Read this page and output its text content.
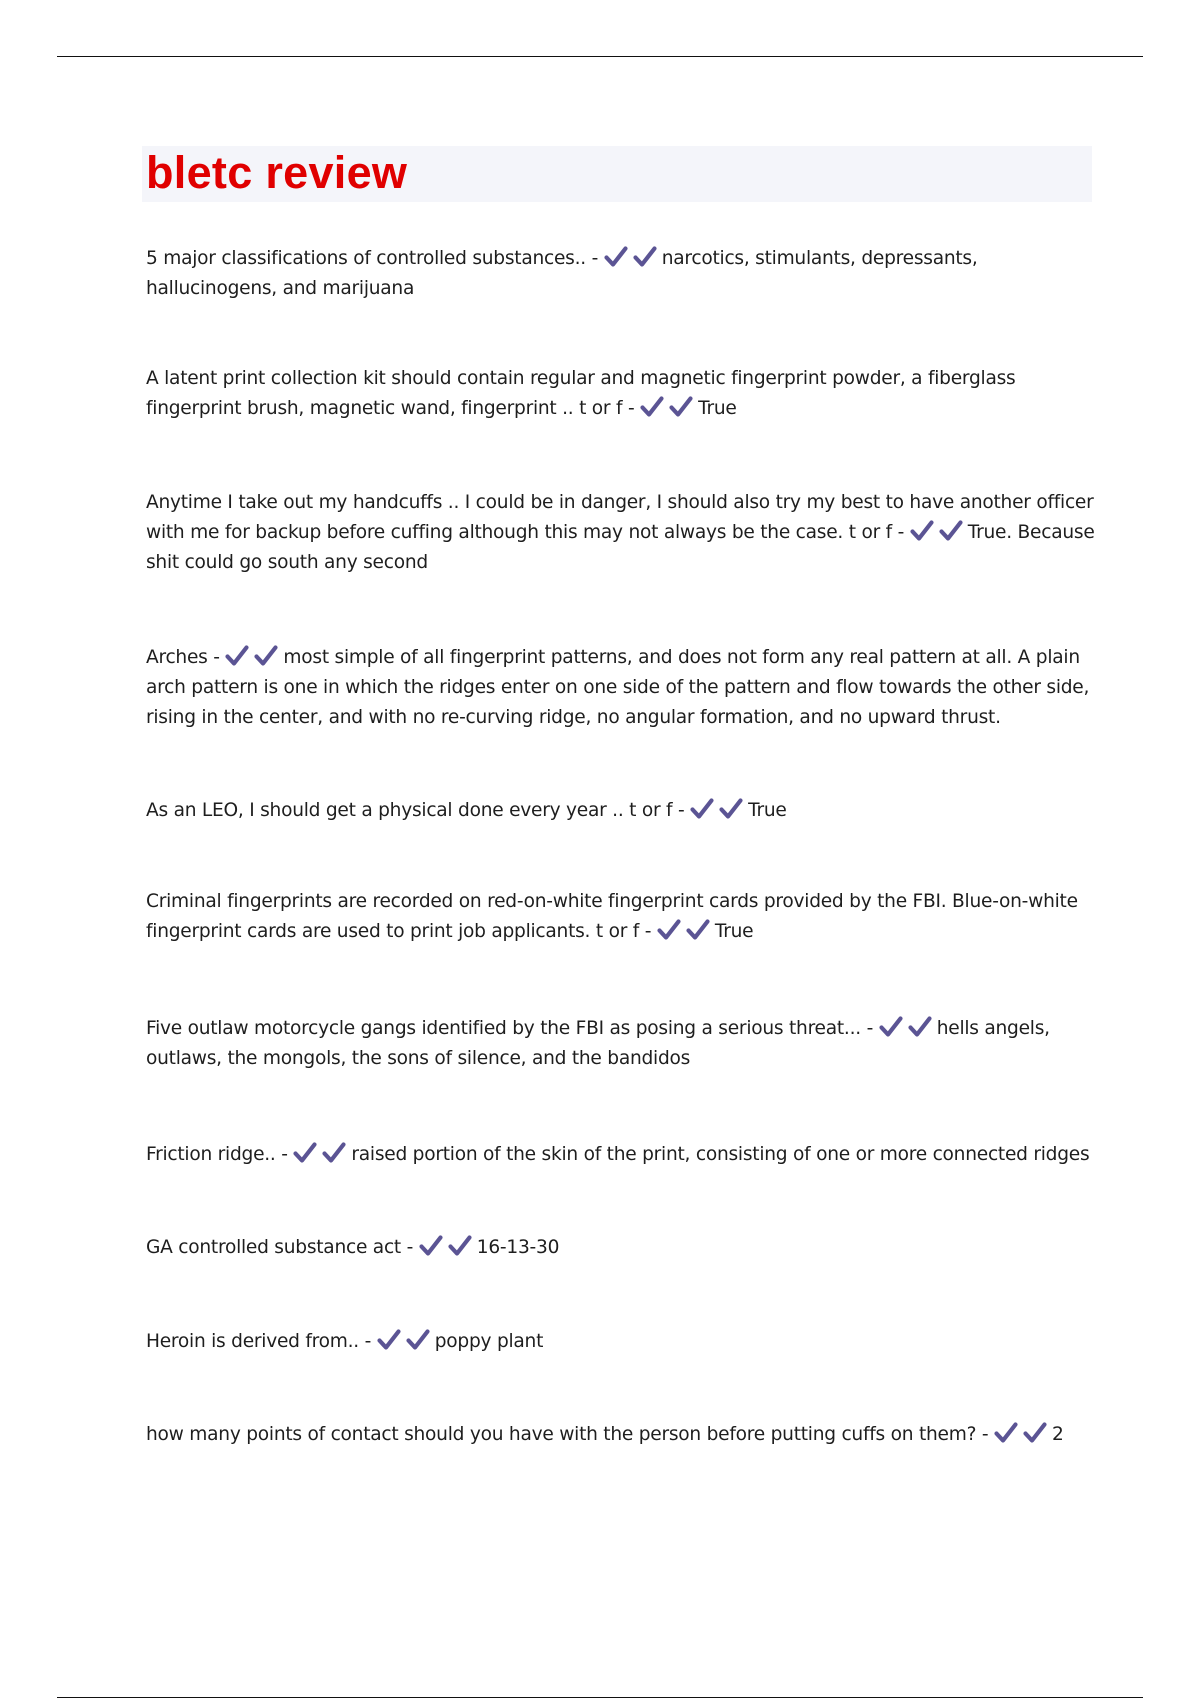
bletc review

5 major classifications of controlled substances.. -	narcotics, stimulants, depressants, hallucinogens, and marijuana

A latent print collection kit should contain regular and magnetic fingerprint powder, a fiberglass fingerprint brush, magnetic wand, fingerprint .. t or f -	True

Anytime I take out my handcuffs .. I could be in danger, I should also try my best to have another officer with me for backup before cuffing although this may not always be the case. t or f -	True. Because shit could go south any second

Arches -	most simple of all fingerprint patterns, and does not form any real pattern at all. A plain arch pattern is one in which the ridges enter on one side of the pattern and flow towards the other side, rising in the center, and with no re-curving ridge, no angular formation, and no upward thrust.

As an LEO, I should get a physical done every year .. t or f -	True

Criminal fingerprints are recorded on red-on-white fingerprint cards provided by the FBI. Blue-on-white fingerprint cards are used to print job applicants. t or f -	True

Five outlaw motorcycle gangs identified by the FBI as posing a serious threat... -	hells angels, outlaws, the mongols, the sons of silence, and the bandidos

Friction ridge.. -	raised portion of the skin of the print, consisting of one or more connected ridges

GA controlled substance act -	16-13-30

Heroin is derived from.. -	poppy plant

how many points of contact should you have with the person before putting cuffs on them? -	2
